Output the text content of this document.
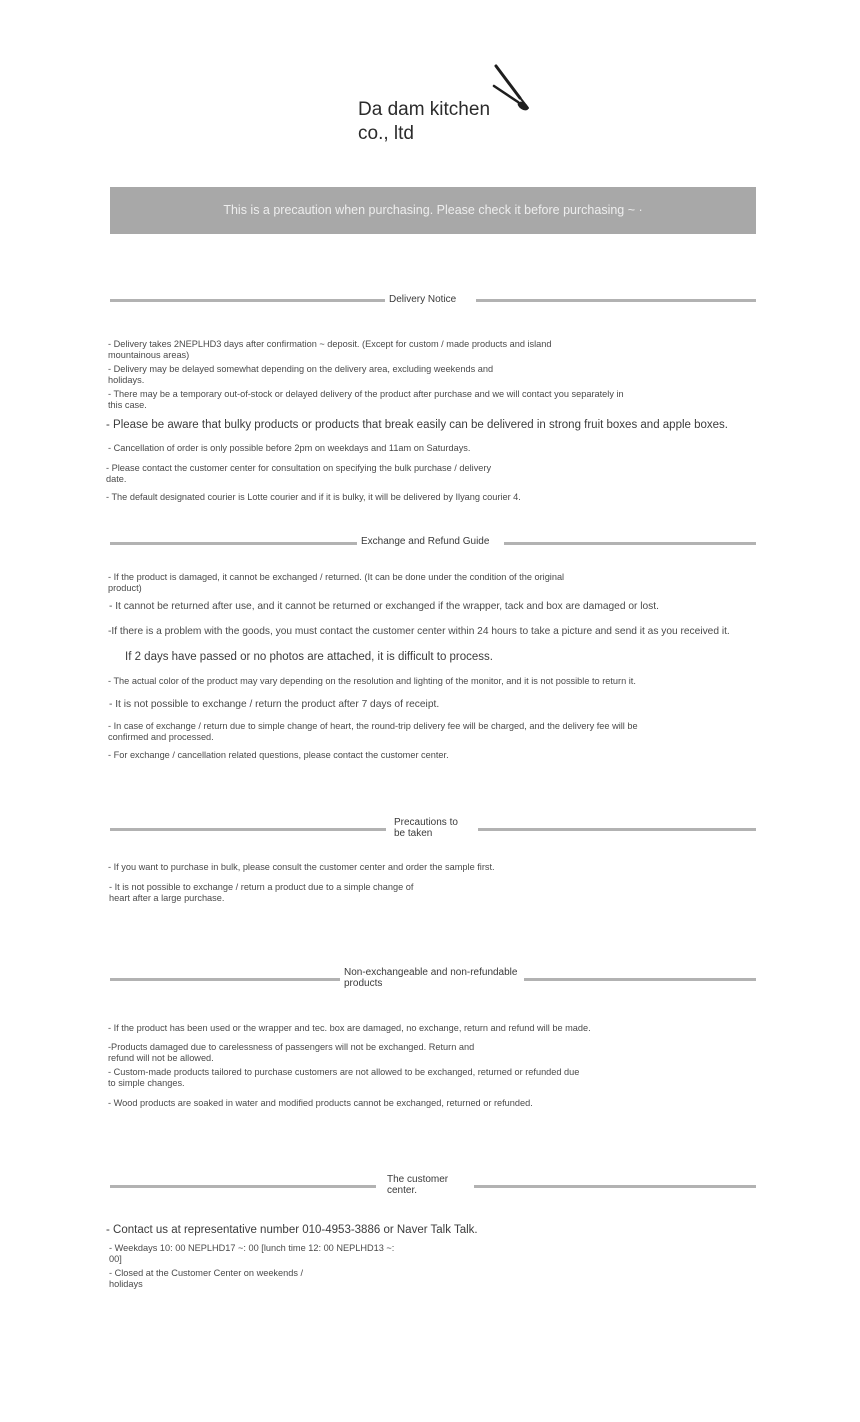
Da dam kitchen
co., ltd
This is a precaution when purchasing. Please check it before purchasing ~ ·
Delivery Notice

- Delivery takes 2NEPLHD3 days after confirmation ~ deposit. (Except for custom / made products and island

mountainous areas)

- Delivery may be delayed somewhat depending on the delivery area, excluding weekends and

holidays.

- There may be a temporary out-of-stock or delayed delivery of the product after purchase and we will contact you separately in

this case.

- Please be aware that bulky products or products that break easily can be delivered in strong fruit boxes and apple boxes.

- Cancellation of order is only possible before 2pm on weekdays and 11am on Saturdays.

- Please contact the customer center for consultation on specifying the bulk purchase / delivery

date.

- The default designated courier is Lotte courier and if it is bulky, it will be delivered by Ilyang courier 4.

Exchange and Refund Guide

- If the product is damaged, it cannot be exchanged / returned. (It can be done under the condition of the original

product)

- It cannot be returned after use, and it cannot be returned or exchanged if the wrapper, tack and box are damaged or lost.

-If there is a problem with the goods, you must contact the customer center within 24 hours to take a picture and send it as you received it.

If 2 days have passed or no photos are attached, it is difficult to process.

- The actual color of the product may vary depending on the resolution and lighting of the monitor, and it is not possible to return it.

- It is not possible to exchange / return the product after 7 days of receipt.

- In case of exchange / return due to simple change of heart, the round-trip delivery fee will be charged, and the delivery fee will be

confirmed and processed.

- For exchange / cancellation related questions, please contact the customer center.

Precautions to
be taken

- If you want to purchase in bulk, please consult the customer center and order the sample first.

- It is not possible to exchange / return a product due to a simple change of

heart after a large purchase.

Non-exchangeable and non-refundable
products

- If the product has been used or the wrapper and tec. box are damaged, no exchange, return and refund will be made.

-Products damaged due to carelessness of passengers will not be exchanged. Return and

refund will not be allowed.

- Custom-made products tailored to purchase customers are not allowed to be exchanged, returned or refunded due

to simple changes.

- Wood products are soaked in water and modified products cannot be exchanged, returned or refunded.

The customer
center.

- Contact us at representative number 010-4953-3886 or Naver Talk Talk.

- Weekdays 10: 00 NEPLHD17 ~: 00 [lunch time 12: 00 NEPLHD13 ~:

00]

- Closed at the Customer Center on weekends /

holidays
